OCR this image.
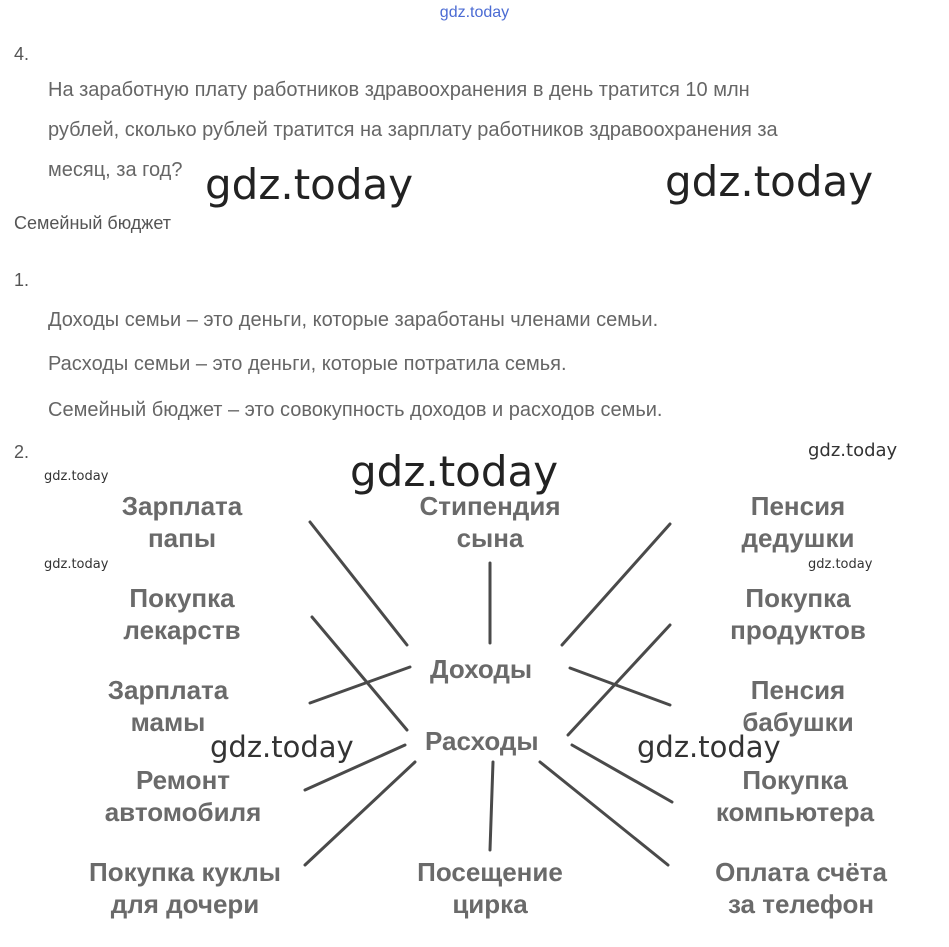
gdz.today
4.
На заработную плату работников здравоохранения в день тратится 10 млн
рублей, сколько рублей тратится на зарплату работников здравоохранения за
месяц, за год? gdz.today	gdz.today
Семейный бюджет
1.
Доходы семьи – это деньги, которые заработаны членами семьи.
Расходы семьи – это деньги, которые потратила семья.
Семейный бюджет – это совокупность доходов и расходов семьи.
2.
Зарплата
папы
Покупка
лекарств
Зарплата
мамы
Ремонт
автомобиля
Покупка куклы
для дочери
Стипендия
сына
Доходы
Расходы
Посещение
цирка
Пенсия
дедушки
Покупка
продуктов
Пенсия
бабушки
Покупка
компьютера
Оплата счёта
за телефон
gdz.today
gdz.today
gdz.today
gdz.today
gdz.today
gdz.today	gdz.today
